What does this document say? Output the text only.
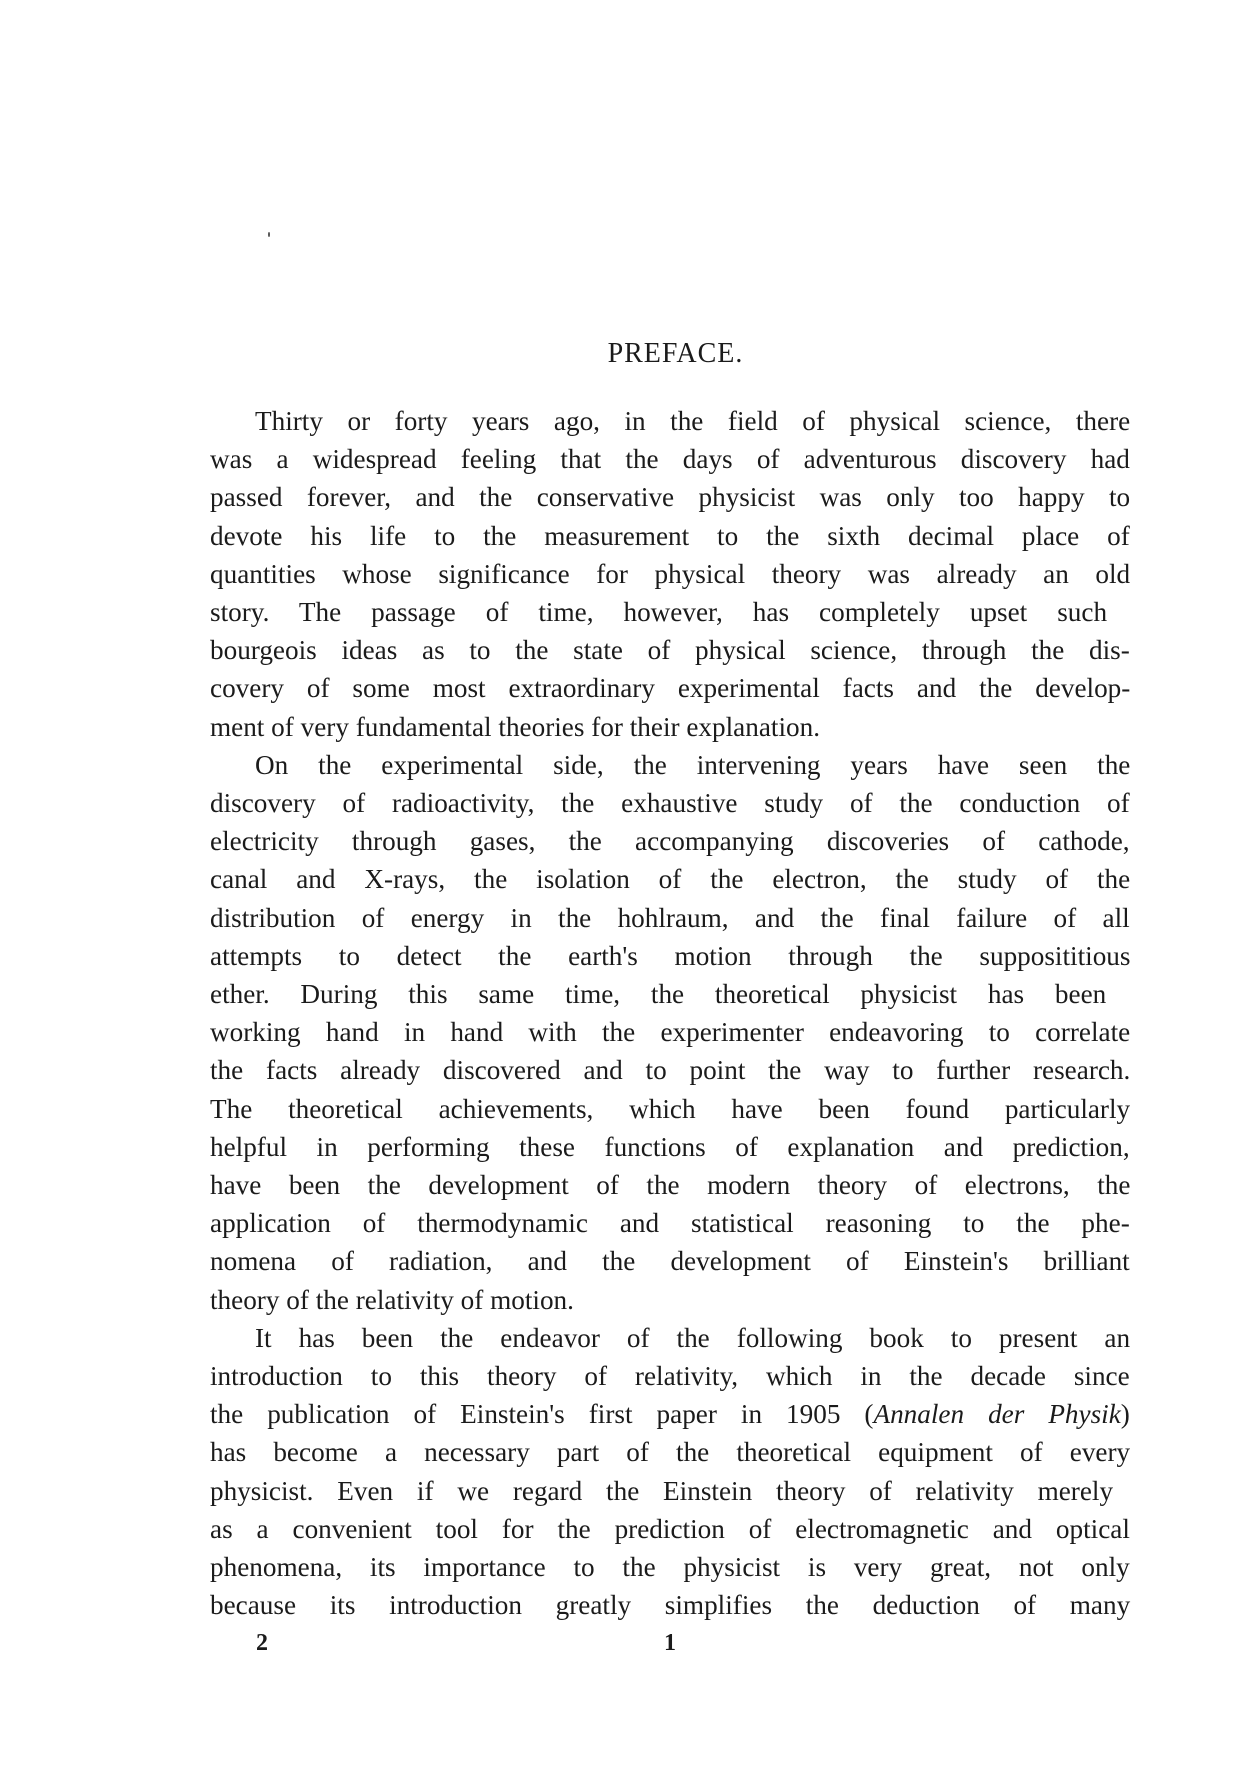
PREFACE.

Thirty or forty years ago, in the field of physical science, there
was a widespread feeling that the days of adventurous discovery had
passed forever, and the conservative physicist was only too happy to
devote his life to the measurement to the sixth decimal place of
quantities whose significance for physical theory was already an old
story. The passage of time, however, has completely upset such
bourgeois ideas as to the state of physical science, through the dis-
covery of some most extraordinary experimental facts and the develop-
ment of very fundamental theories for their explanation.

On the experimental side, the intervening years have seen the
discovery of radioactivity, the exhaustive study of the conduction of
electricity through gases, the accompanying discoveries of cathode,
canal and X-rays, the isolation of the electron, the study of the
distribution of energy in the hohlraum, and the final failure of all
attempts to detect the earth's motion through the supposititious
ether. During this same time, the theoretical physicist has been
working hand in hand with the experimenter endeavoring to correlate
the facts already discovered and to point the way to further research.
The theoretical achievements, which have been found particularly
helpful in performing these functions of explanation and prediction,
have been the development of the modern theory of electrons, the
application of thermodynamic and statistical reasoning to the phe-
nomena of radiation, and the development of Einstein's brilliant
theory of the relativity of motion.

It has been the endeavor of the following book to present an
introduction to this theory of relativity, which in the decade since
the publication of Einstein's first paper in 1905 (Annalen der Physik)
has become a necessary part of the theoretical equipment of every
physicist. Even if we regard the Einstein theory of relativity merely
as a convenient tool for the prediction of electromagnetic and optical
phenomena, its importance to the physicist is very great, not only
because its introduction greatly simplifies the deduction of many

2	1
